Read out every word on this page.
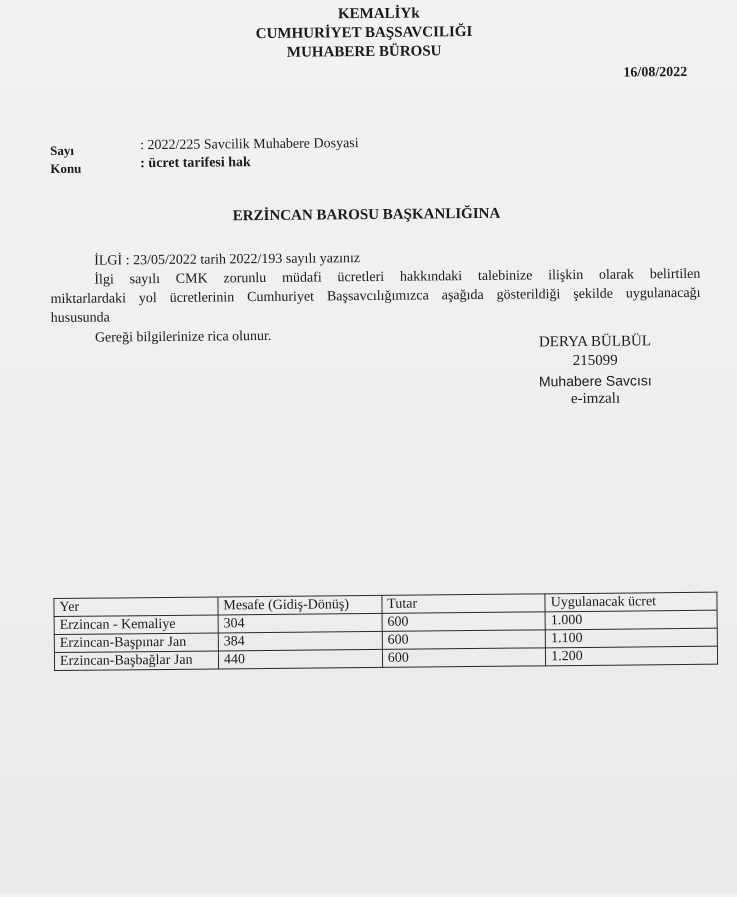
KEMALİYk
CUMHURİYET BAŞSAVCILIĞI
MUHABERE BÜROSU
16/08/2022
Sayı	: 2022/225 Savcilik Muhabere Dosyasi
Konu	: ücret tarifesi hak
ERZİNCAN BAROSU BAŞKANLIĞINA
İLGİ : 23/05/2022 tarih 2022/193 sayılı yazınız
İlgi sayılı CMK zorunlu müdafi ücretleri hakkındaki talebinize ilişkin olarak belirtilen
miktarlardaki yol ücretlerinin Cumhuriyet Başsavcılığımızca aşağıda gösterildiği şekilde uygulanacağı
hususunda
Gereği bilgilerinize rica olunur.	DERYA BÜLBÜL
215099
Muhabere Savcısı
e-imzalı
Yer	Mesafe (Gidiş-Dönüş)	Tutar	Uygulanacak ücret
Erzincan - Kemaliye	304	600	1.000
Erzincan-Başpınar Jan	384	600	1.100
Erzincan-Başbağlar Jan	440	600	1.200
